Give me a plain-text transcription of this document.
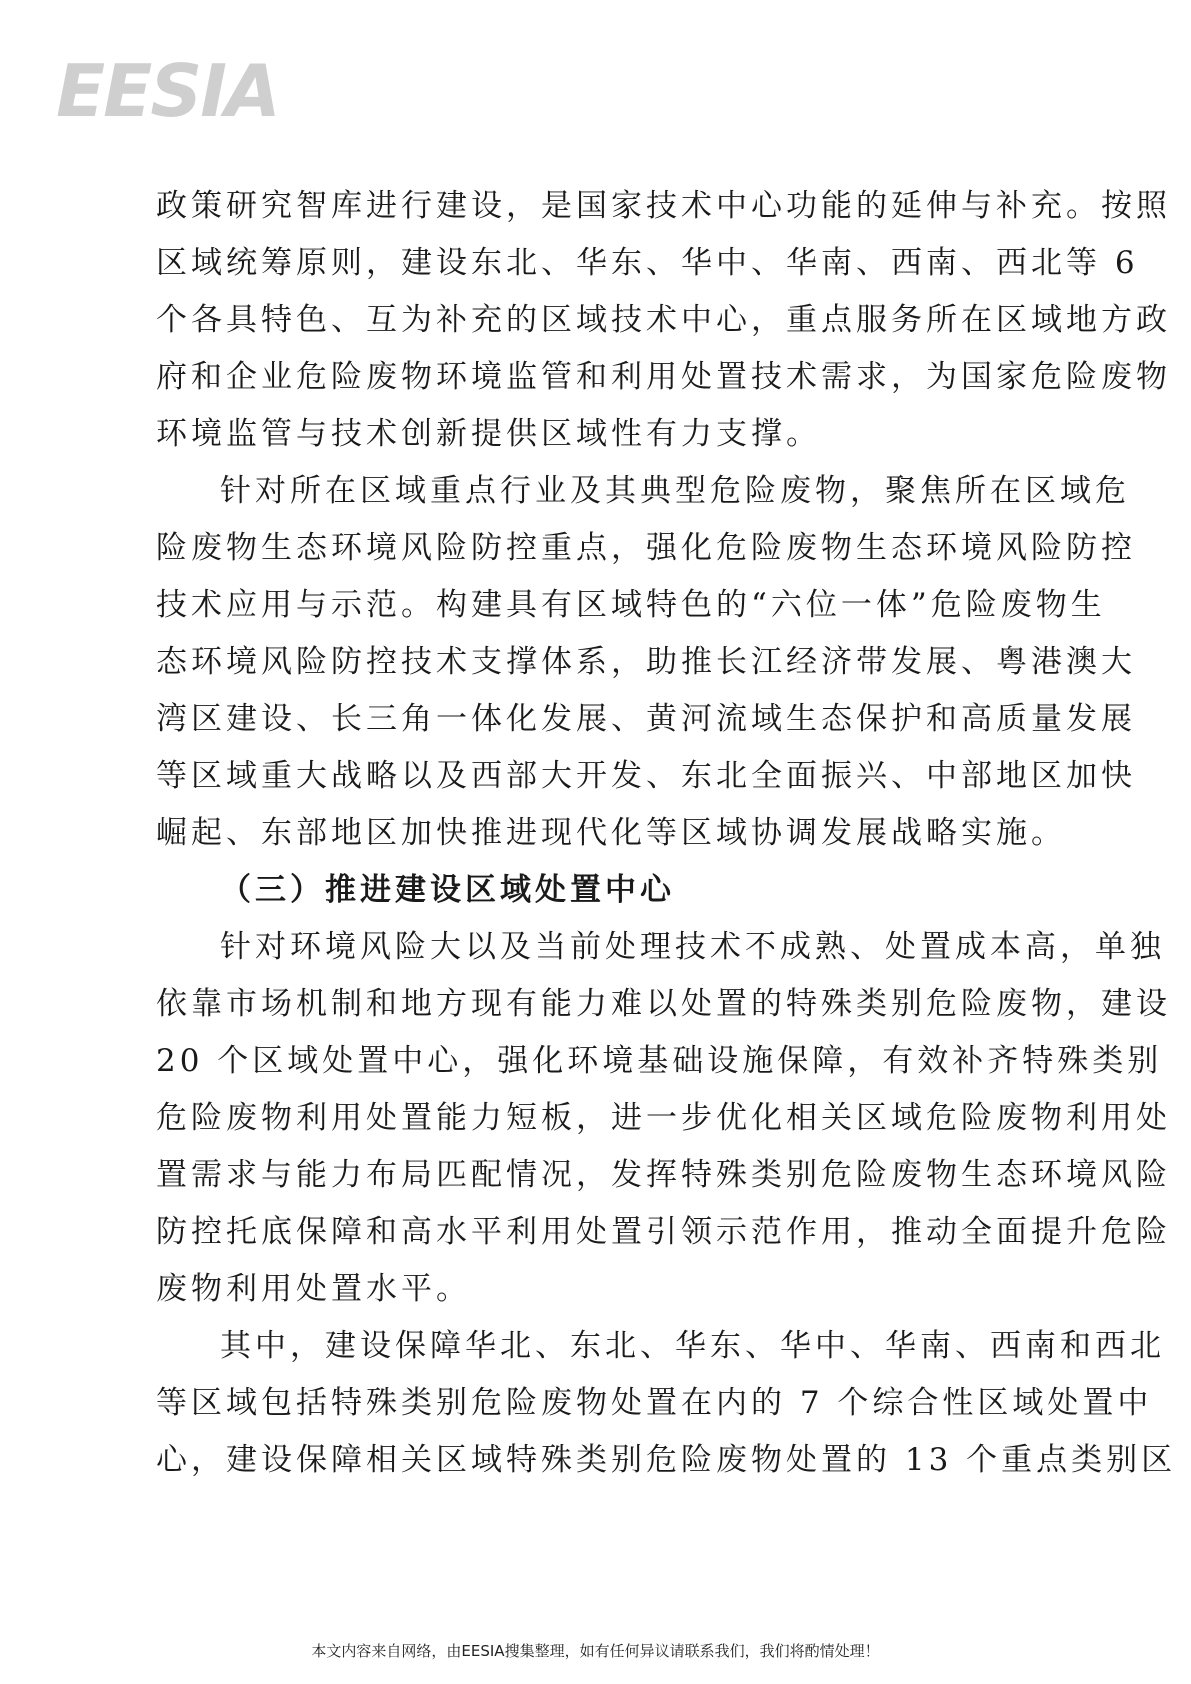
EESIA
政策研究智库进行建设，是国家技术中心功能的延伸与补充。按照
区域统筹原则，建设东北、华东、华中、华南、西南、西北等 6
个各具特色、互为补充的区域技术中心，重点服务所在区域地方政
府和企业危险废物环境监管和利用处置技术需求，为国家危险废物
环境监管与技术创新提供区域性有力支撑。
针对所在区域重点行业及其典型危险废物，聚焦所在区域危
险废物生态环境风险防控重点，强化危险废物生态环境风险防控
技术应用与示范。构建具有区域特色的“六位一体”危险废物生
态环境风险防控技术支撑体系，助推长江经济带发展、粤港澳大
湾区建设、长三角一体化发展、黄河流域生态保护和高质量发展
等区域重大战略以及西部大开发、东北全面振兴、中部地区加快
崛起、东部地区加快推进现代化等区域协调发展战略实施。
（三）推进建设区域处置中心
针对环境风险大以及当前处理技术不成熟、处置成本高，单独
依靠市场机制和地方现有能力难以处置的特殊类别危险废物，建设
20 个区域处置中心，强化环境基础设施保障，有效补齐特殊类别
危险废物利用处置能力短板，进一步优化相关区域危险废物利用处
置需求与能力布局匹配情况，发挥特殊类别危险废物生态环境风险
防控托底保障和高水平利用处置引领示范作用，推动全面提升危险
废物利用处置水平。
其中，建设保障华北、东北、华东、华中、华南、西南和西北
等区域包括特殊类别危险废物处置在内的 7 个综合性区域处置中
心，建设保障相关区域特殊类别危险废物处置的 13 个重点类别区
本文内容来自网络，由EESIA搜集整理，如有任何异议请联系我们，我们将酌情处理！
